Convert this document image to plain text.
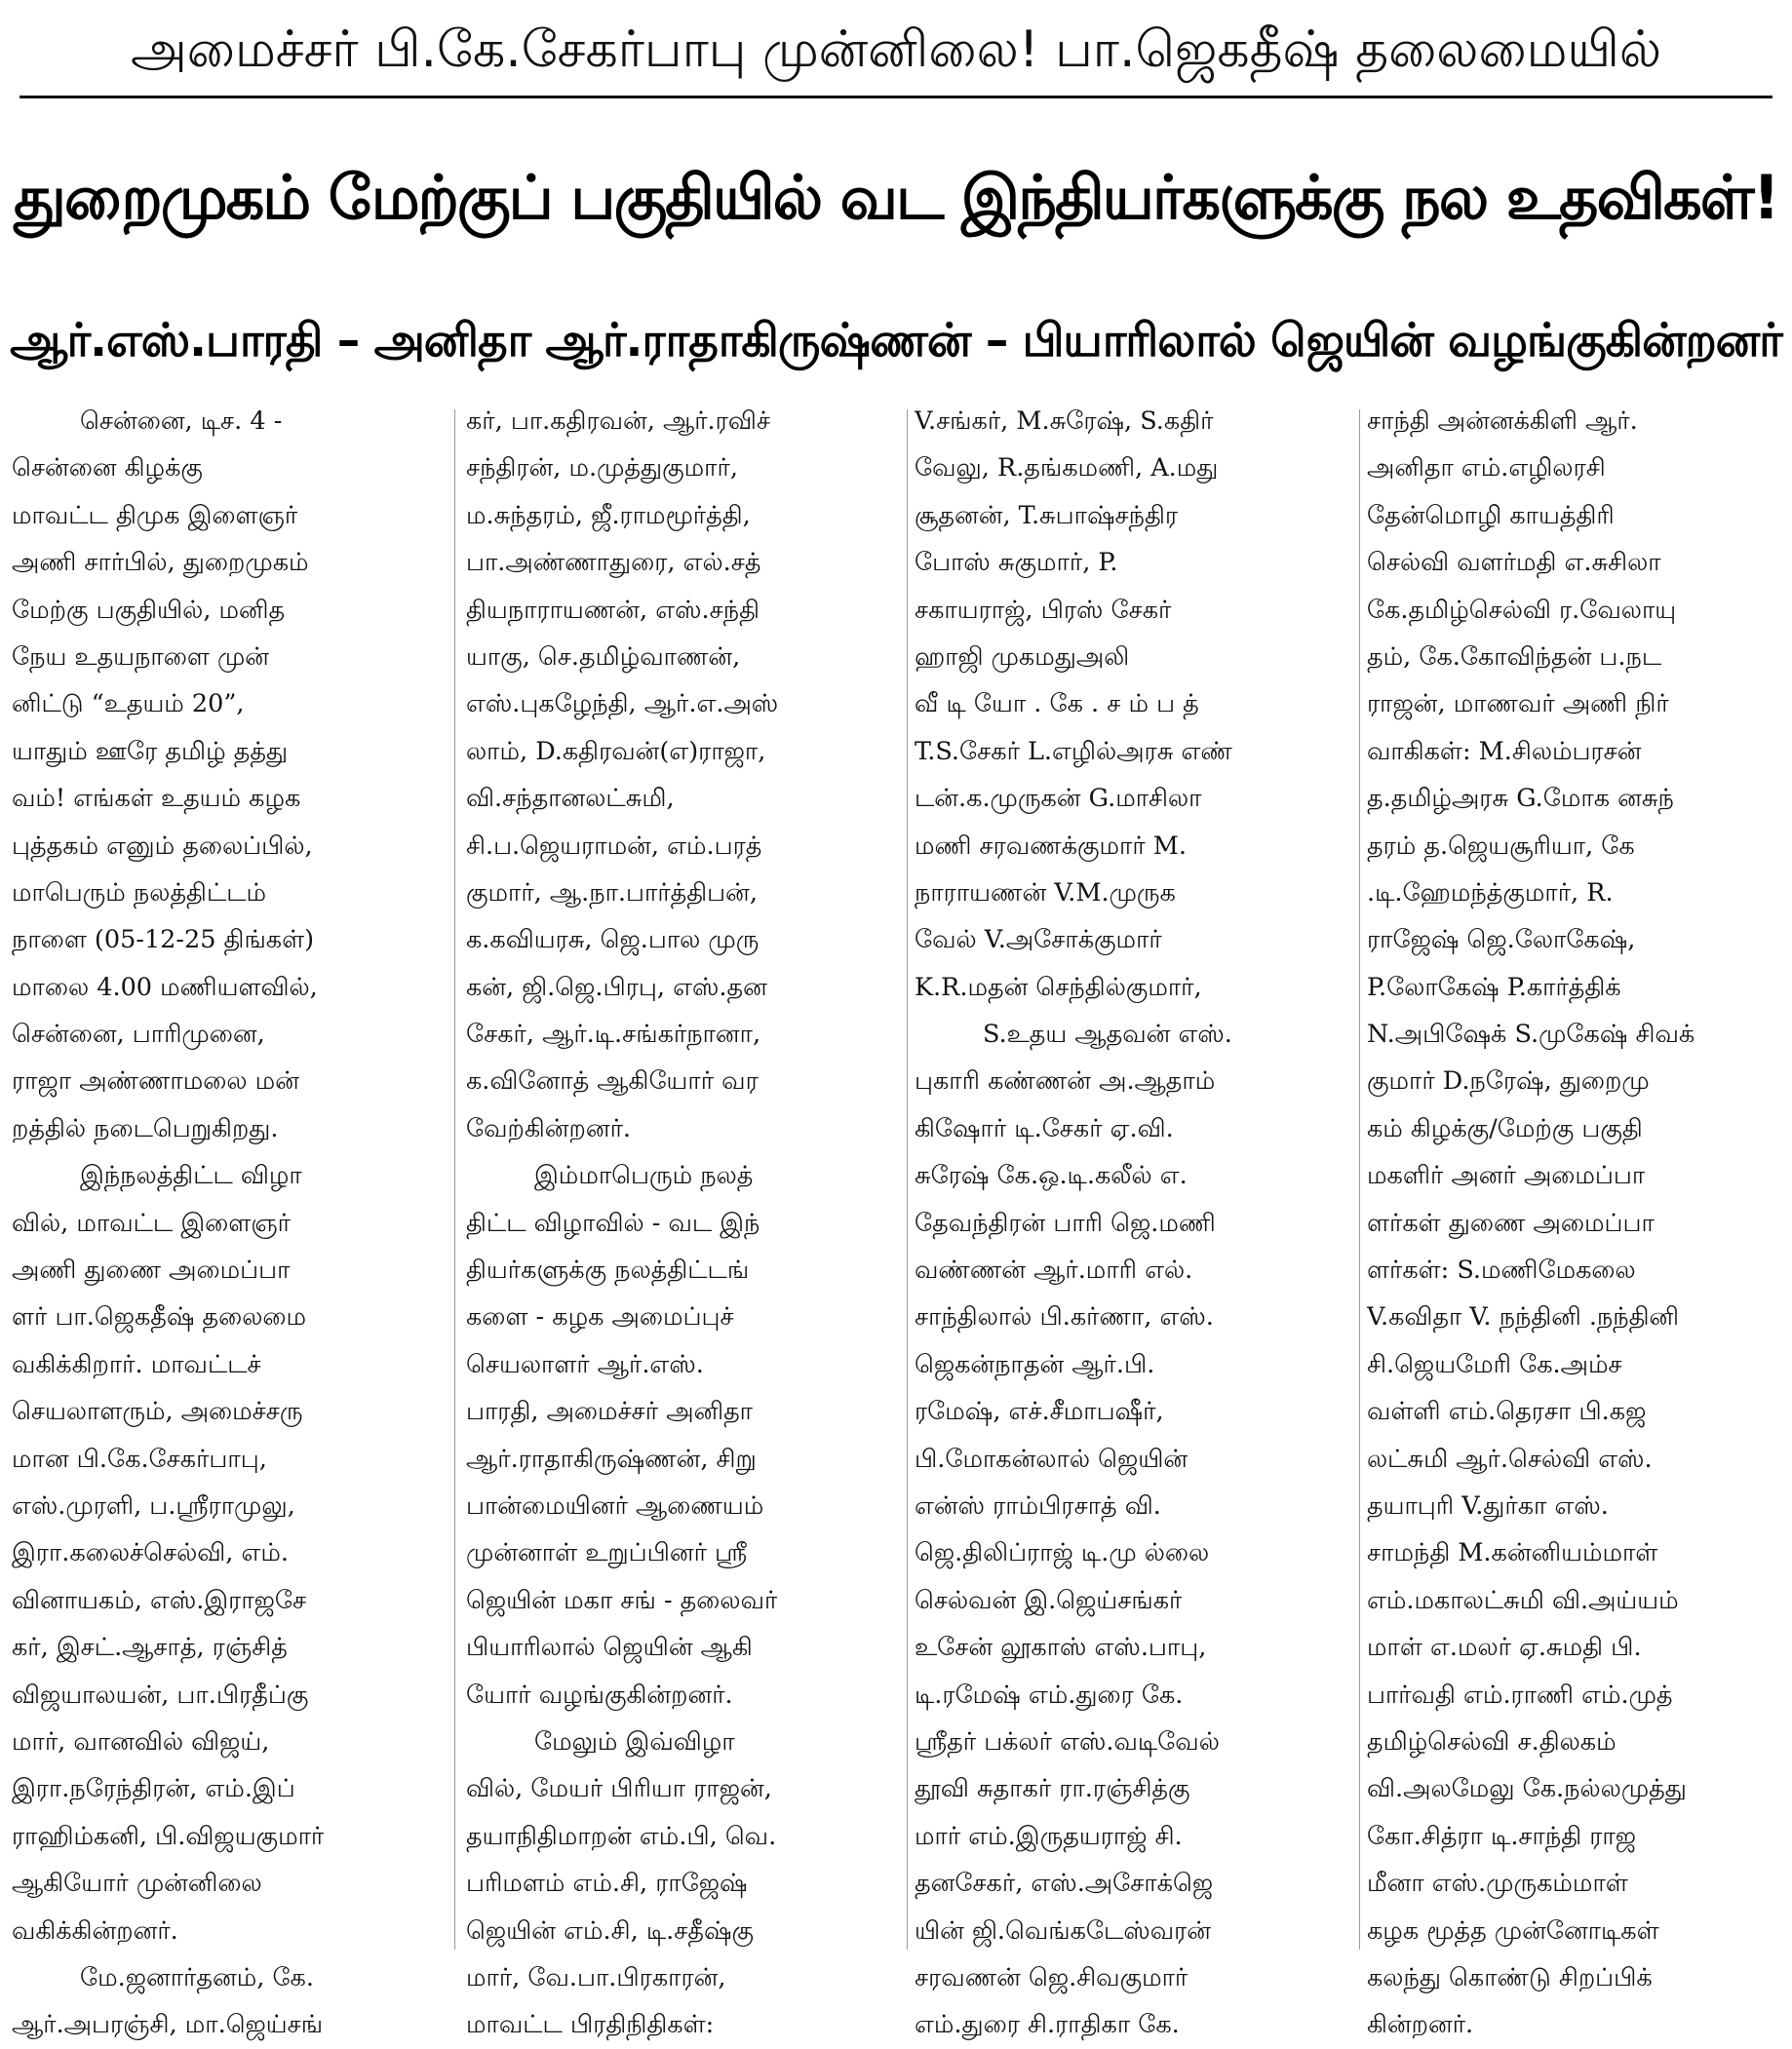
அமைச்சர் பி.கே.சேகர்பாபு முன்னிலை! பா.ஜெகதீஷ் தலைமையில்
துறைமுகம் மேற்குப் பகுதியில் வட இந்தியர்களுக்கு நல உதவிகள்!
ஆர்.எஸ்.பாரதி – அனிதா ஆர்.ராதாகிருஷ்ணன் – பியாரிலால் ஜெயின் வழங்குகின்றனர்
சென்னை, டிச. 4 -
சென்னை கிழக்கு
மாவட்ட திமுக இளைஞர்
அணி சார்பில், துறைமுகம்
மேற்கு பகுதியில், மனித
நேய உதயநாளை முன்
னிட்டு “உதயம் 20”,
யாதும் ஊரே தமிழ் தத்து
வம்! எங்கள் உதயம் கழக
புத்தகம் எனும் தலைப்பில்,
மாபெரும் நலத்திட்டம்
நாளை (05-12-25 திங்கள்)
மாலை 4.00 மணியளவில்,
சென்னை, பாரிமுனை,
ராஜா அண்ணாமலை மன்
றத்தில் நடைபெறுகிறது.
இந்நலத்திட்ட விழா
வில், மாவட்ட இளைஞர்
அணி துணை அமைப்பா
ளர் பா.ஜெகதீஷ் தலைமை
வகிக்கிறார். மாவட்டச்
செயலாளரும், அமைச்சரு
மான பி.கே.சேகர்பாபு,
எஸ்.முரளி, ப.ஸ்ரீராமுலு,
இரா.கலைச்செல்வி, எம்.
வினாயகம், எஸ்.இராஜசே
கர், இசட்.ஆசாத், ரஞ்சித்
விஜயாலயன், பா.பிரதீப்கு
மார், வானவில் விஜய்,
இரா.நரேந்திரன், எம்.இப்
ராஹிம்கனி, பி.விஜயகுமார்
ஆகியோர் முன்னிலை
வகிக்கின்றனர்.
மே.ஜனார்தனம், கே.
ஆர்.அபரஞ்சி, மா.ஜெய்சங்
கர், பா.கதிரவன், ஆர்.ரவிச்
சந்திரன், ம.முத்துகுமார்,
ம.சுந்தரம், ஜீ.ராமமூர்த்தி,
பா.அண்ணாதுரை, எல்.சத்
தியநாராயணன், எஸ்.சந்தி
யாகு, செ.தமிழ்வாணன்,
எஸ்.புகழேந்தி, ஆர்.எ.அஸ்
லாம், D.கதிரவன்(எ)ராஜா,
வி.சந்தானலட்சுமி,
சி.ப.ஜெயராமன், எம்.பரத்
குமார், ஆ.நா.பார்த்திபன்,
க.கவியரசு, ஜெ.பால முரு
கன், ஜி.ஜெ.பிரபு, எஸ்.தன
சேகர், ஆர்.டி.சங்கர்நானா,
க.வினோத் ஆகியோர் வர
வேற்கின்றனர்.
இம்மாபெரும் நலத்
திட்ட விழாவில் - வட இந்
தியர்களுக்கு நலத்திட்டங்
களை - கழக அமைப்புச்
செயலாளர் ஆர்.எஸ்.
பாரதி, அமைச்சர் அனிதா
ஆர்.ராதாகிருஷ்ணன், சிறு
பான்மையினர் ஆணையம்
முன்னாள் உறுப்பினர் ஸ்ரீ
ஜெயின் மகா சங் - தலைவர்
பியாரிலால் ஜெயின் ஆகி
யோர் வழங்குகின்றனர்.
மேலும் இவ்விழா
வில், மேயர் பிரியா ராஜன்,
தயாநிதிமாறன் எம்.பி, வெ.
பரிமளம் எம்.சி, ராஜேஷ்
ஜெயின் எம்.சி, டி.சதீஷ்கு
மார், வே.பா.பிரகாரன்,
மாவட்ட பிரதிநிதிகள்:
V.சங்கர், M.சுரேஷ், S.கதிர்
வேலு, R.தங்கமணி, A.மது
சூதனன், T.சுபாஷ்சந்திர
போஸ் சுகுமார், P.
சகாயராஜ், பிரஸ் சேகர்
ஹாஜி முகமதுஅலி
வீ டி யோ . கே . ச ம் ப த்
T.S.சேகர் L.எழில்அரசு எண்
டன்.க.முருகன் G.மாசிலா
மணி சரவணக்குமார் M.
நாராயணன் V.M.முருக
வேல் V.அசோக்குமார்
K.R.மதன் செந்தில்குமார்,
S.உதய ஆதவன் எஸ்.
புகாரி கண்ணன் அ.ஆதாம்
கிஷோர் டி.சேகர் ஏ.வி.
சுரேஷ் கே.ஒ.டி.கலீல் எ.
தேவந்திரன் பாரி ஜெ.மணி
வண்ணன் ஆர்.மாரி எல்.
சாந்திலால் பி.கர்ணா, எஸ்.
ஜெகன்நாதன் ஆர்.பி.
ரமேஷ், எச்.சீமாபஷீர்,
பி.மோகன்லால் ஜெயின்
என்ஸ் ராம்பிரசாத் வி.
ஜெ.திலிப்ராஜ் டி.மு ல்லை
செல்வன் இ.ஜெய்சங்கர்
உசேன் லூகாஸ் எஸ்.பாபு,
டி.ரமேஷ் எம்.துரை கே.
ஸ்ரீதர் பக்லர் எஸ்.வடிவேல்
தூவி சுதாகர் ரா.ரஞ்சித்கு
மார் எம்.இருதயராஜ் சி.
தனசேகர், எஸ்.அசோக்ஜெ
யின் ஜி.வெங்கடேஸ்வரன்
சரவணன் ஜெ.சிவகுமார்
எம்.துரை சி.ராதிகா கே.
சாந்தி அன்னக்கிளி ஆர்.
அனிதா எம்.எழிலரசி
தேன்மொழி காயத்திரி
செல்வி வளர்மதி எ.சுசிலா
கே.தமிழ்செல்வி ர.வேலாயு
தம், கே.கோவிந்தன் ப.நட
ராஜன், மாணவர் அணி நிர்
வாகிகள்: M.சிலம்பரசன்
த.தமிழ்அரசு G.மோக னசுந்
தரம் த.ஜெயசூரியா, கே
.டி.ஹேமந்த்குமார், R.
ராஜேஷ் ஜெ.லோகேஷ்,
P.லோகேஷ் P.கார்த்திக்
N.அபிஷேக் S.முகேஷ் சிவக்
குமார் D.நரேஷ், துறைமு
கம் கிழக்கு/மேற்கு பகுதி
மகளிர் அனர் அமைப்பா
ளர்கள் துணை அமைப்பா
ளர்கள்: S.மணிமேகலை
V.கவிதா V. நந்தினி .நந்தினி
சி.ஜெயமேரி கே.அம்ச
வள்ளி எம்.தெரசா பி.கஜ
லட்சுமி ஆர்.செல்வி எஸ்.
தயாபுரி V.துர்கா எஸ்.
சாமந்தி M.கன்னியம்மாள்
எம்.மகாலட்சுமி வி.அய்யம்
மாள் எ.மலர் ஏ.சுமதி பி.
பார்வதி எம்.ராணி எம்.முத்
தமிழ்செல்வி ச.திலகம்
வி.அலமேலு கே.நல்லமுத்து
கோ.சித்ரா டி.சாந்தி ராஜ
மீனா எஸ்.முருகம்மாள்
கழக மூத்த முன்னோடிகள்
கலந்து கொண்டு சிறப்பிக்
கின்றனர்.
